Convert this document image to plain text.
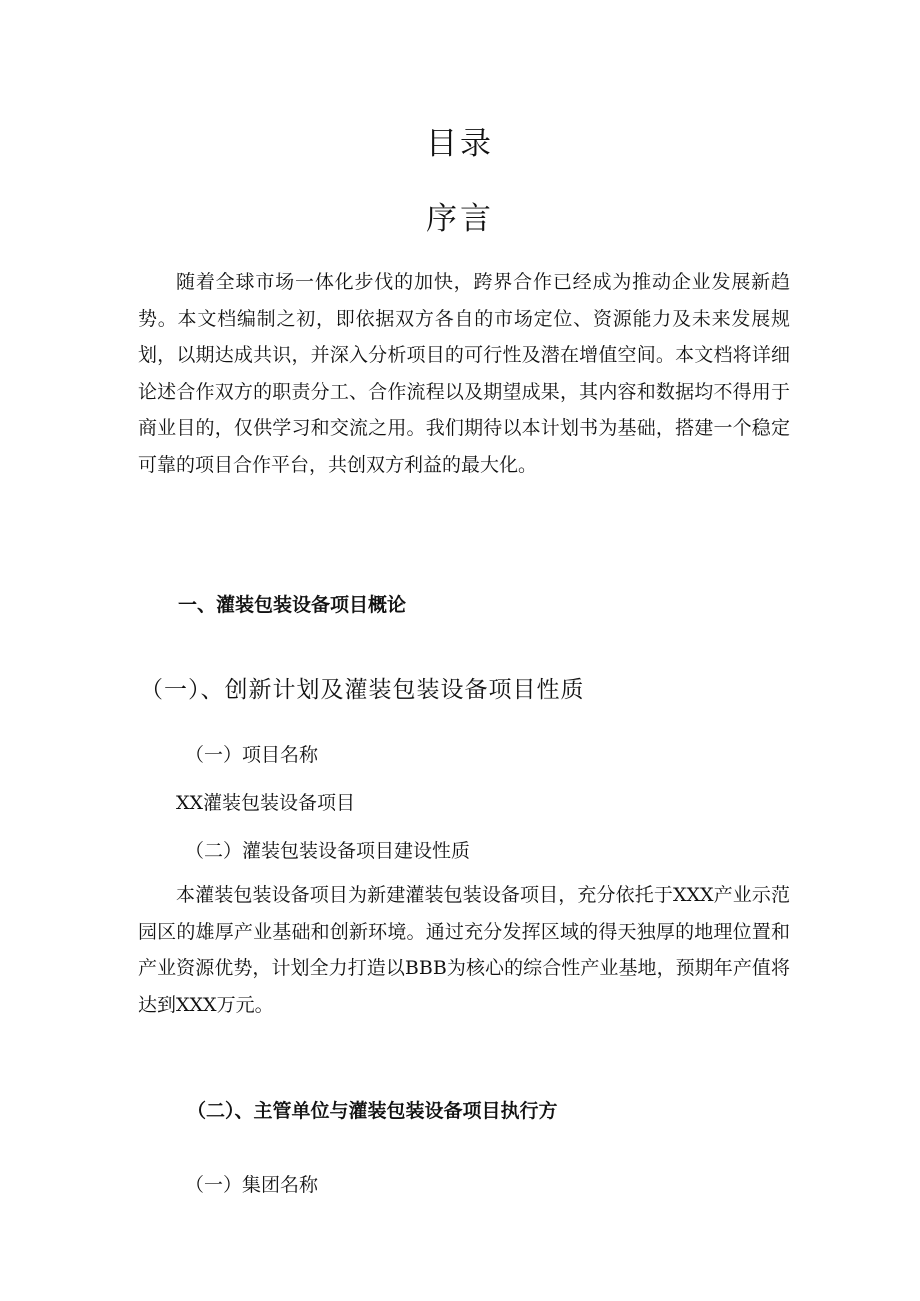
目录
序言

随着全球市场一体化步伐的加快，跨界合作已经成为推动企业发展新趋势。本文档编制之初，即依据双方各自的市场定位、资源能力及未来发展规划，以期达成共识，并深入分析项目的可行性及潜在增值空间。本文档将详细论述合作双方的职责分工、合作流程以及期望成果，其内容和数据均不得用于商业目的，仅供学习和交流之用。我们期待以本计划书为基础，搭建一个稳定可靠的项目合作平台，共创双方利益的最大化。

一、灌装包装设备项目概论
（一）、创新计划及灌装包装设备项目性质
（一）项目名称
XX灌装包装设备项目
（二）灌装包装设备项目建设性质

本灌装包装设备项目为新建灌装包装设备项目，充分依托于XXX产业示范园区的雄厚产业基础和创新环境。通过充分发挥区域的得天独厚的地理位置和产业资源优势，计划全力打造以BBB为核心的综合性产业基地，预期年产值将达到XXX万元。

（二）、主管单位与灌装包装设备项目执行方
（一）集团名称
